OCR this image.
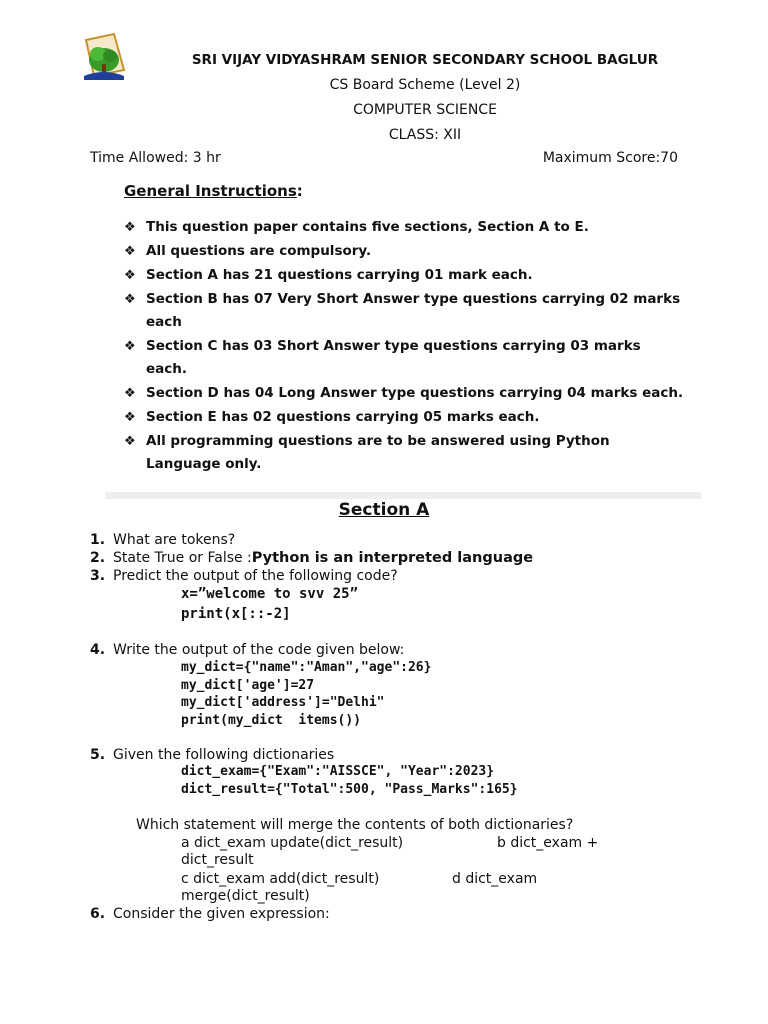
SRI VIJAY VIDYASHRAM SENIOR SECONDARY SCHOOL BAGLUR
CS Board Scheme (Level 2)
COMPUTER SCIENCE
CLASS: XII
Time Allowed: 3 hr	Maximum Score:70
General Instructions:
❖ This question paper contains five sections, Section A to E.
❖ All questions are compulsory.
❖ Section A has 21 questions carrying 01 mark each.
❖ Section B has 07 Very Short Answer type questions carrying 02 marks each
❖ Section C has 03 Short Answer type questions carrying 03 marks each.
❖ Section D has 04 Long Answer type questions carrying 04 marks each.
❖ Section E has 02 questions carrying 05 marks each.
❖ All programming questions are to be answered using Python Language only.
Section A
1. What are tokens?
2. State True or False :Python is an interpreted language
3. Predict the output of the following code?
x=”welcome to svv 25”
print(x[::-2]
4. Write the output of the code given below:
my_dict={"name":"Aman","age":26}
my_dict['age']=27
my_dict['address']="Delhi"
print(my_dict  items())
5. Given the following dictionaries
dict_exam={"Exam":"AISSCE", "Year":2023}
dict_result={"Total":500, "Pass_Marks":165}
Which statement will merge the contents of both dictionaries?
a dict_exam update(dict_result)	b dict_exam +
dict_result
c dict_exam add(dict_result)	d dict_exam
merge(dict_result)
6. Consider the given expression:
